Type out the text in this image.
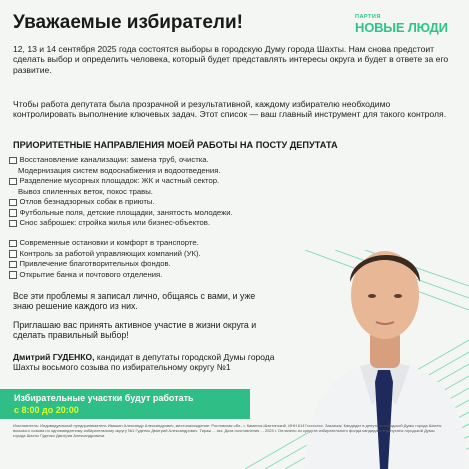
Уважаемые избиратели!	ПАРТИЯ
НОВЫЕ ЛЮДИ

12, 13 и 14 сентября 2025 года состоятся выборы в городскую Думу города Шахты. Нам снова предстоит сделать выбор и определить человека, который будет представлять интересы округа и будет в ответе за его развитие.

Чтобы работа депутата была прозрачной и результативной, каждому избирателю необходимо контролировать выполнение ключевых задач. Этот список — ваш главный инструмент для такого контроля.

ПРИОРИТЕТНЫЕ НАПРАВЛЕНИЯ МОЕЙ РАБОТЫ НА ПОСТУ ДЕПУТАТА
Восстановление канализации: замена труб, очистка.
Модернизация систем водоснабжения и водоотведения.
Разделение мусорных площадок: ЖК и частный сектор.
Вывоз спиленных веток, покос травы.
Отлов безнадзорных собак в приюты.
Футбольные поля, детские площадки, занятость молодежи.
Снос заброшек: стройка жилья или бизнес-объектов.
Современные остановки и комфорт в транспорте.
Контроль за работой управляющих компаний (УК).
Привлечение благотворительных фондов.
Открытие банка и почтового отделения.

Все эти проблемы я записал лично, общаясь с вами, и уже знаю решение каждого из них.

Приглашаю вас принять активное участие в жизни округа и сделать правильный выбор!

Дмитрий ГУДЕНКО, кандидат в депутаты городской Думы города Шахты восьмого созыва по избирательному округу №1

Избирательные участки будут работать
с 8:00 до 20:00

Изготовитель: Индивидуальный предприниматель Ивашин Александр Александрович, местонахождение: Ростовская обл., г. Каменск-Шахтинский, ИНН 6147xxxxxxxx. Заказчик: Кандидат в депутаты городской Думы города Шахты восьмого созыва по одномандатному избирательному округу №1 Гуденко Дмитрий Александрович. Тираж ... экз. Дата изготовления ... 2025 г. Оплачено из средств избирательного фонда кандидата в депутаты городской Думы города Шахты Гуденко Дмитрия Александровича.
